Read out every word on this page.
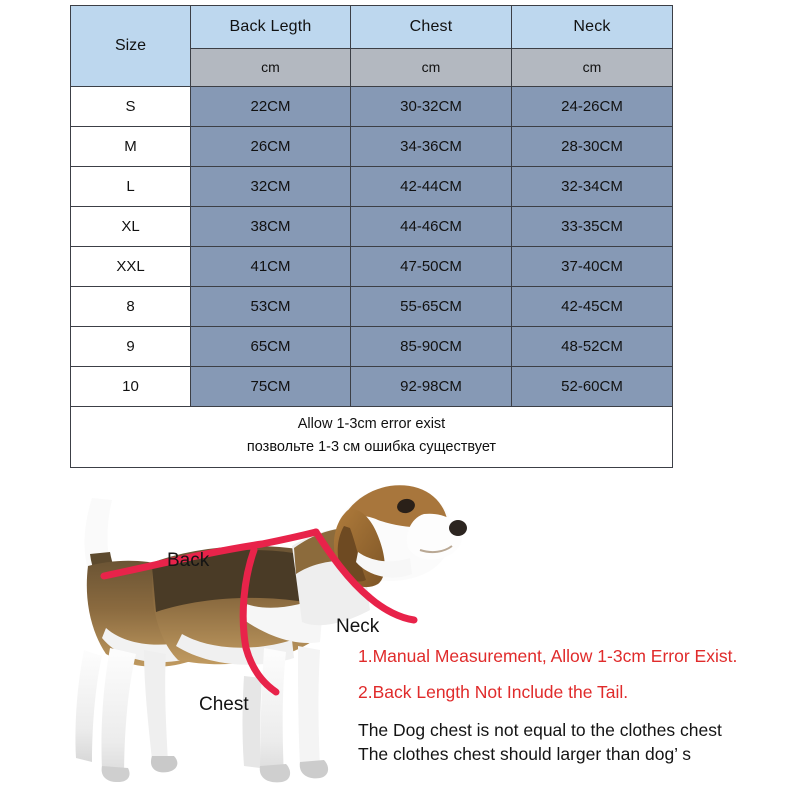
Size	Back Legth	Chest	Neck
	cm	cm	cm
S	22CM	30-32CM	24-26CM
M	26CM	34-36CM	28-30CM
L	32CM	42-44CM	32-34CM
XL	38CM	44-46CM	33-35CM
XXL	41CM	47-50CM	37-40CM
8	53CM	55-65CM	42-45CM
9	65CM	85-90CM	48-52CM
10	75CM	92-98CM	52-60CM

Allow 1-3cm error exist
позвольте 1-3 см ошибка существует			
Back
Neck
Chest
1.Manual Measurement, Allow 1-3cm Error Exist.
2.Back Length Not Include the Tail.
The Dog chest is not equal to the clothes chest
The clothes chest should larger than dog’ s
